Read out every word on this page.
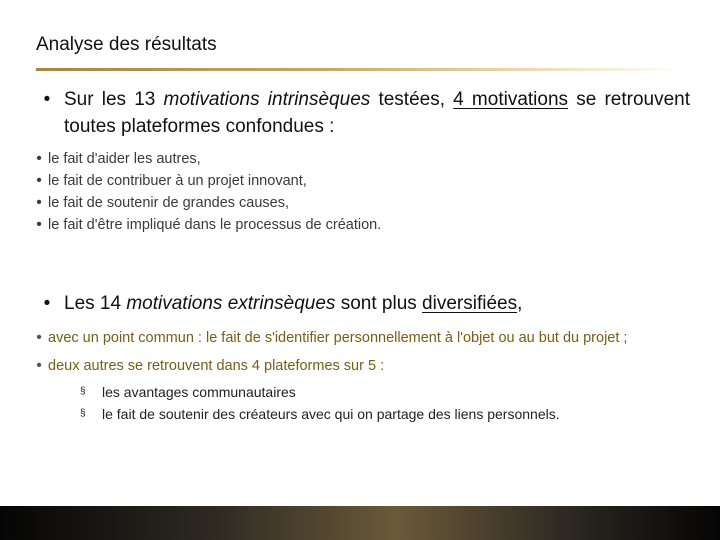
Analyse des résultats
• Sur les 13 motivations intrinsèques testées, 4 motivations se retrouvent toutes plateformes confondues :
• le fait d'aider les autres,
• le fait de contribuer à un projet innovant,
• le fait de soutenir de grandes causes,
• le fait d'être impliqué dans le processus de création.
• Les 14 motivations extrinsèques sont plus diversifiées,
• avec un point commun : le fait de s'identifier personnellement à l'objet ou au but du projet ;
• deux autres se retrouvent dans 4 plateformes sur 5 :
§	les avantages communautaires
§	le fait de soutenir des créateurs avec qui on partage des liens personnels.
